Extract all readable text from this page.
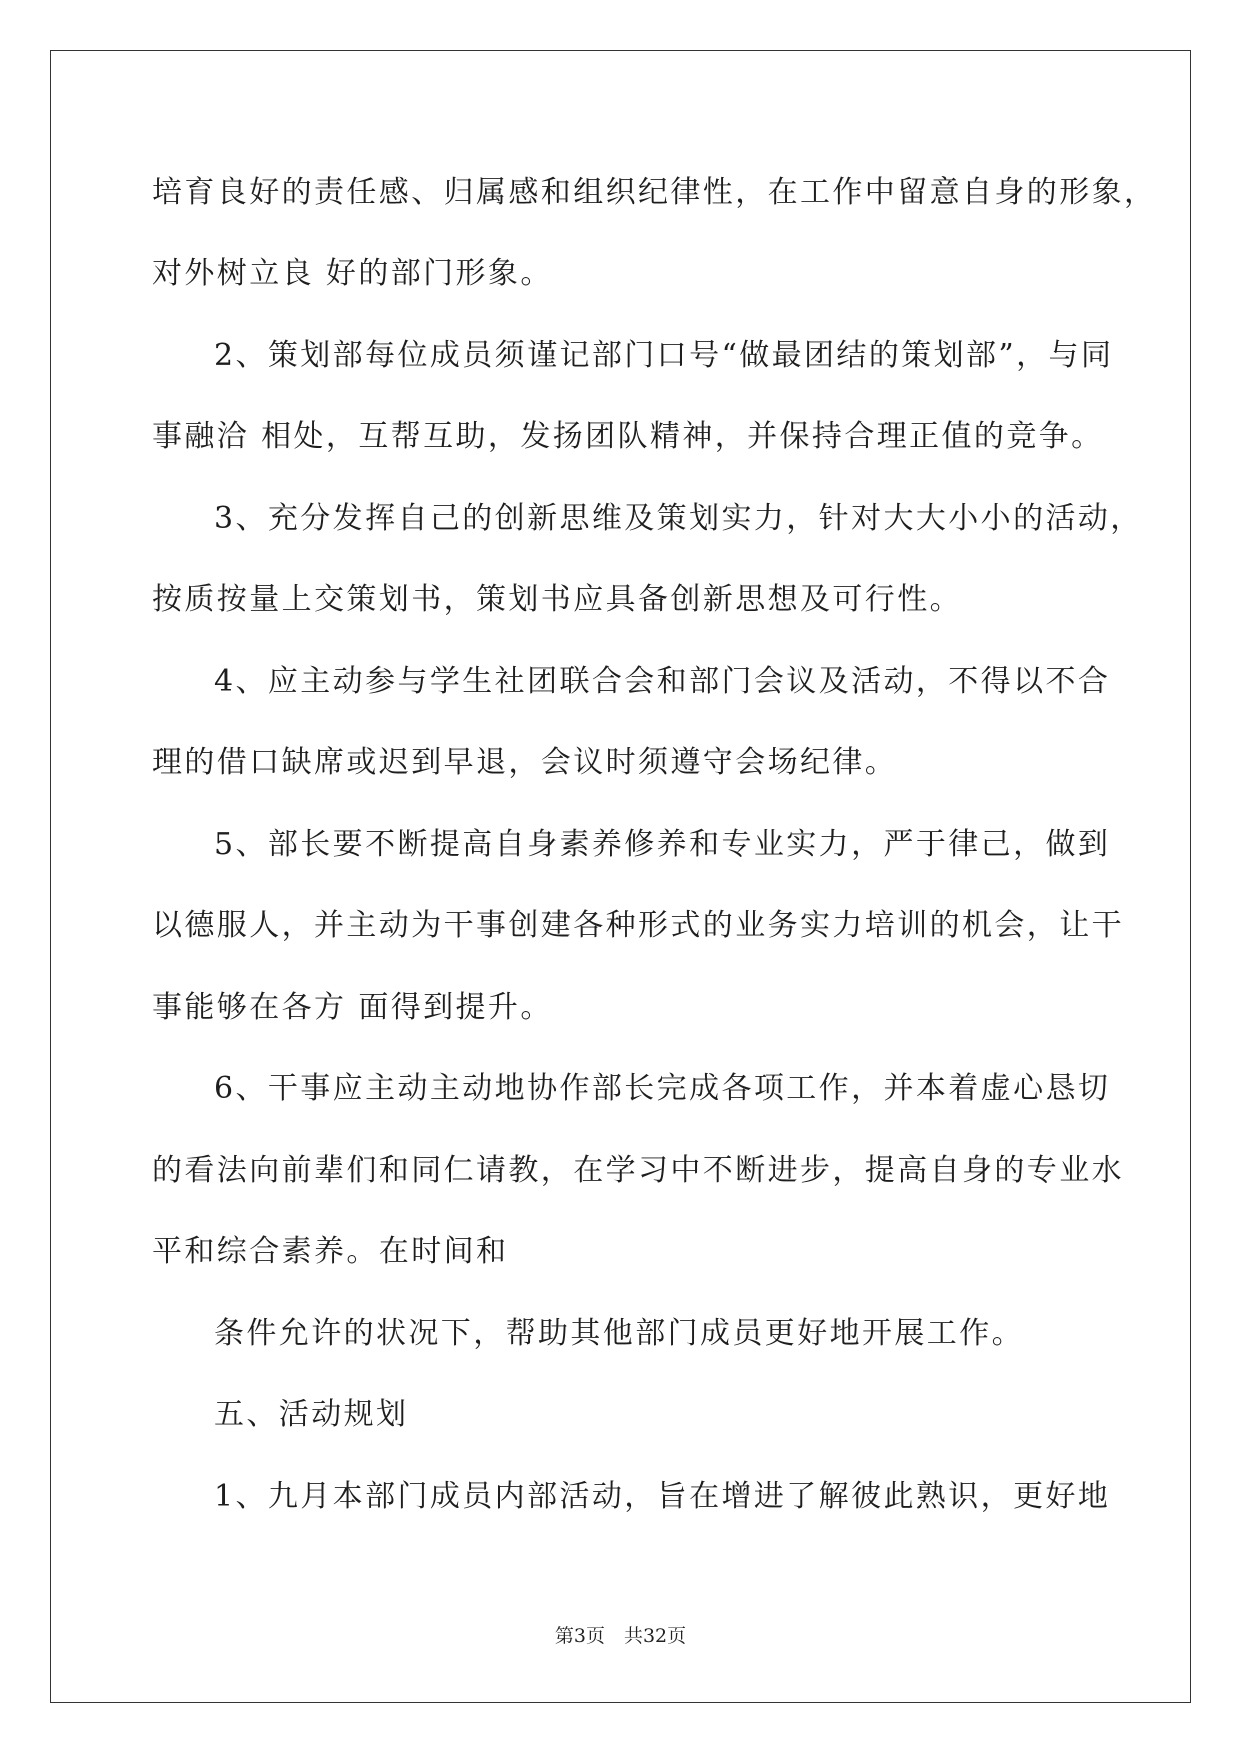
培育良好的责任感、归属感和组织纪律性，在工作中留意自身的形象，

对外树立良 好的部门形象。

2、策划部每位成员须谨记部门口号“做最团结的策划部”，与同

事融洽 相处，互帮互助，发扬团队精神，并保持合理正值的竞争。

3、充分发挥自己的创新思维及策划实力，针对大大小小的活动，

按质按量上交策划书，策划书应具备创新思想及可行性。

4、应主动参与学生社团联合会和部门会议及活动，不得以不合

理的借口缺席或迟到早退，会议时须遵守会场纪律。

5、部长要不断提高自身素养修养和专业实力，严于律己，做到

以德服人，并主动为干事创建各种形式的业务实力培训的机会，让干

事能够在各方 面得到提升。

6、干事应主动主动地协作部长完成各项工作，并本着虚心恳切

的看法向前辈们和同仁请教，在学习中不断进步，提高自身的专业水

平和综合素养。在时间和

条件允许的状况下，帮助其他部门成员更好地开展工作。

五、活动规划

1、九月本部门成员内部活动，旨在增进了解彼此熟识，更好地

第3页　共32页
